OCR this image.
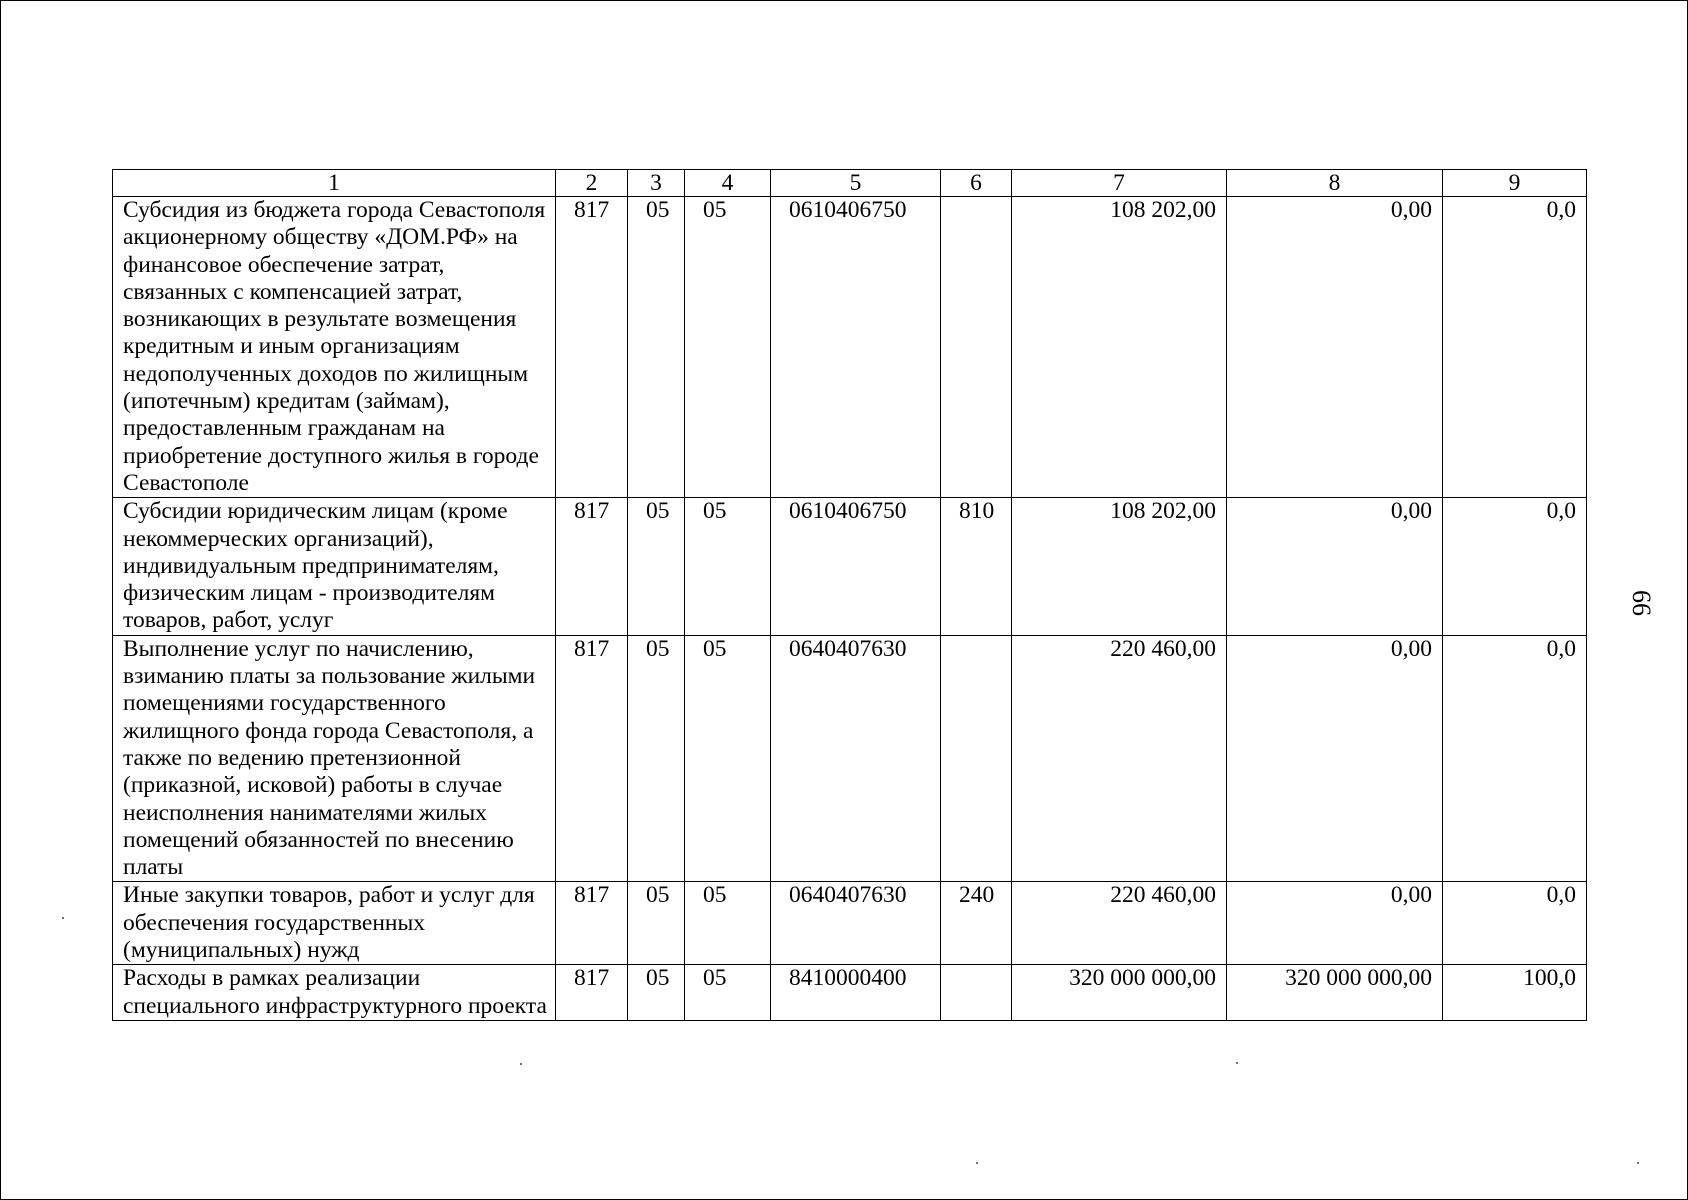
1	2	3	4	5	6	7	8	9
Субсидия из бюджета города Севастополя акционерному обществу «ДОМ.РФ» на финансовое обеспечение затрат, связанных с компенсацией затрат, возникающих в результате возмещения кредитным и иным организациям недополученных доходов по жилищным (ипотечным) кредитам (займам), предоставленным гражданам на приобретение доступного жилья в городе Севастополе	817	05	05	0610406750		108 202,00	0,00	0,0
Субсидии юридическим лицам (кроме некоммерческих организаций), индивидуальным предпринимателям, физическим лицам - производителям товаров, работ, услуг	817	05	05	0610406750	810	108 202,00	0,00	0,0
Выполнение услуг по начислению, взиманию платы за пользование жилыми помещениями государственного жилищного фонда города Севастополя, а также по ведению претензионной (приказной, исковой) работы в случае неисполнения нанимателями жилых помещений обязанностей по внесению платы	817	05	05	0640407630		220 460,00	0,00	0,0
Иные закупки товаров, работ и услуг для обеспечения государственных (муниципальных) нужд	817	05	05	0640407630	240	220 460,00	0,00	0,0
Расходы в рамках реализации специального инфраструктурного проекта	817	05	05	8410000400		320 000 000,00	320 000 000,00	100,0
66
